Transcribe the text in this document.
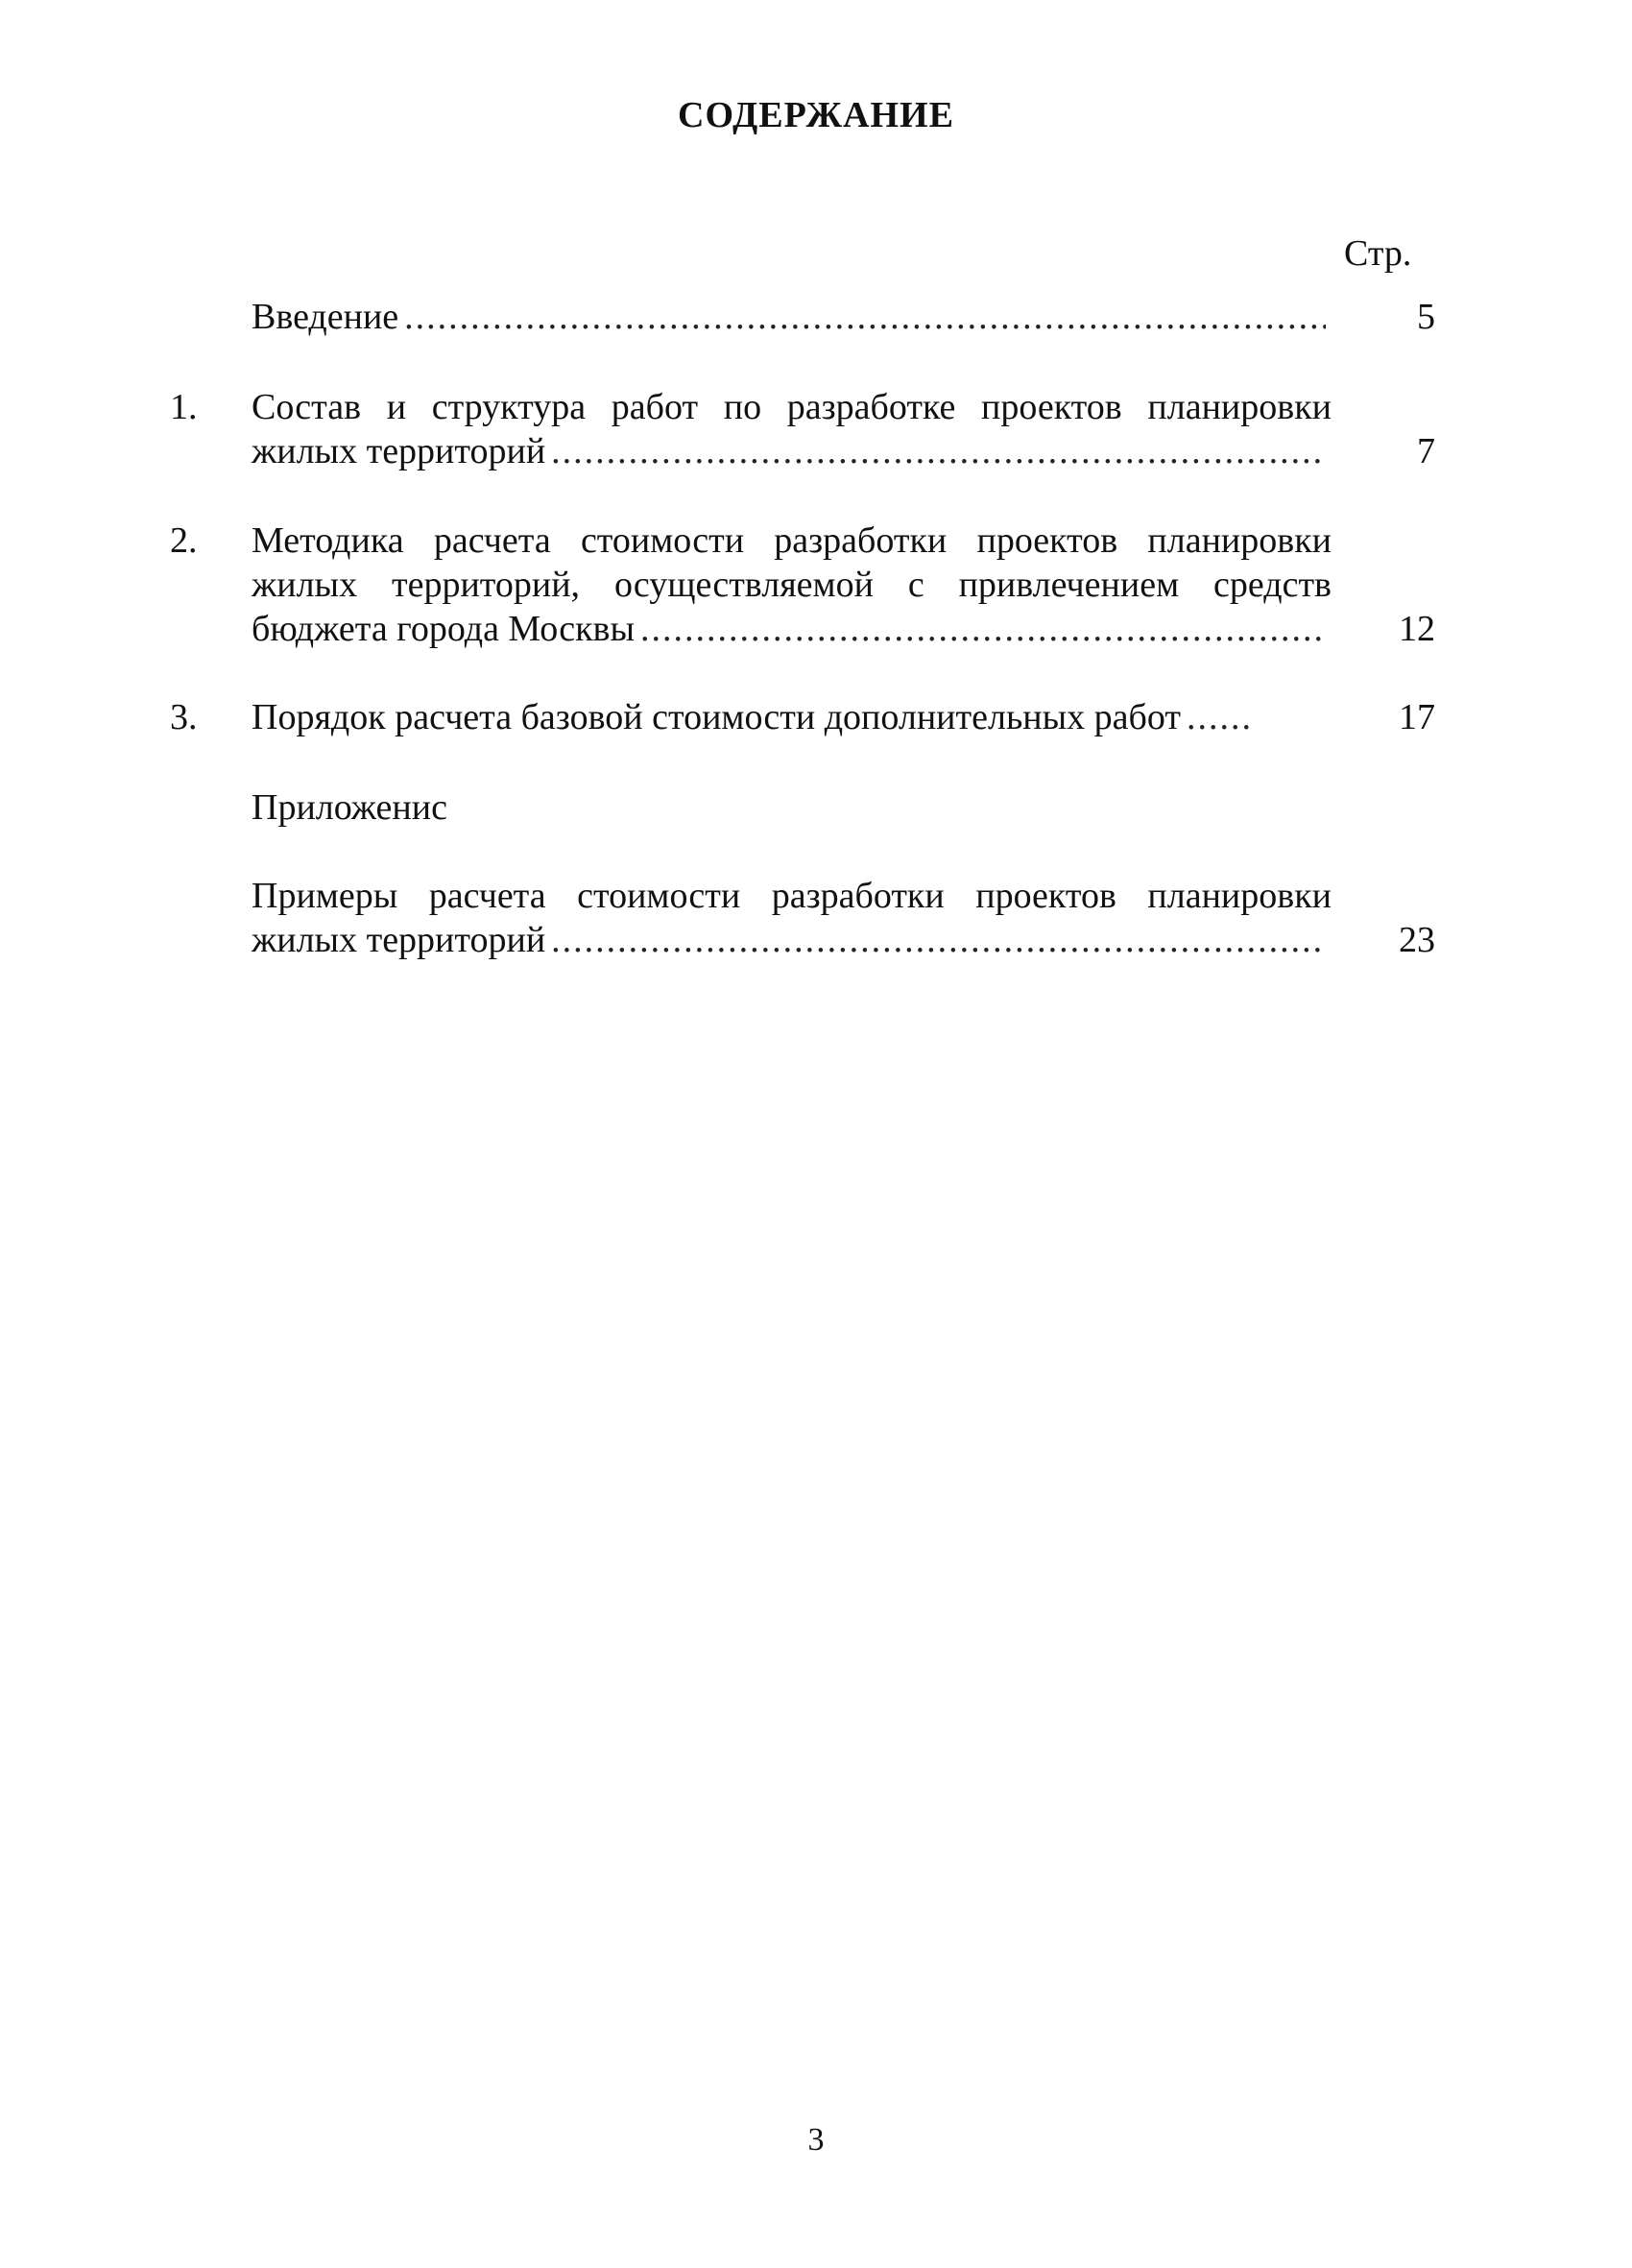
СОДЕРЖАНИЕ
Стр.
Введение .....	5
1. Состав и структура работ по разработке проектов планировки
жилых территорий .....	7
2. Методика расчета стоимости разработки проектов планировки
жилых территорий, осуществляемой с привлечением средств
бюджета города Москвы .....	12
3. Порядок расчета базовой стоимости дополнительных работ .....	17
Приложенис
Примеры расчета стоимости разработки проектов планировки
жилых территорий .....	23
3
